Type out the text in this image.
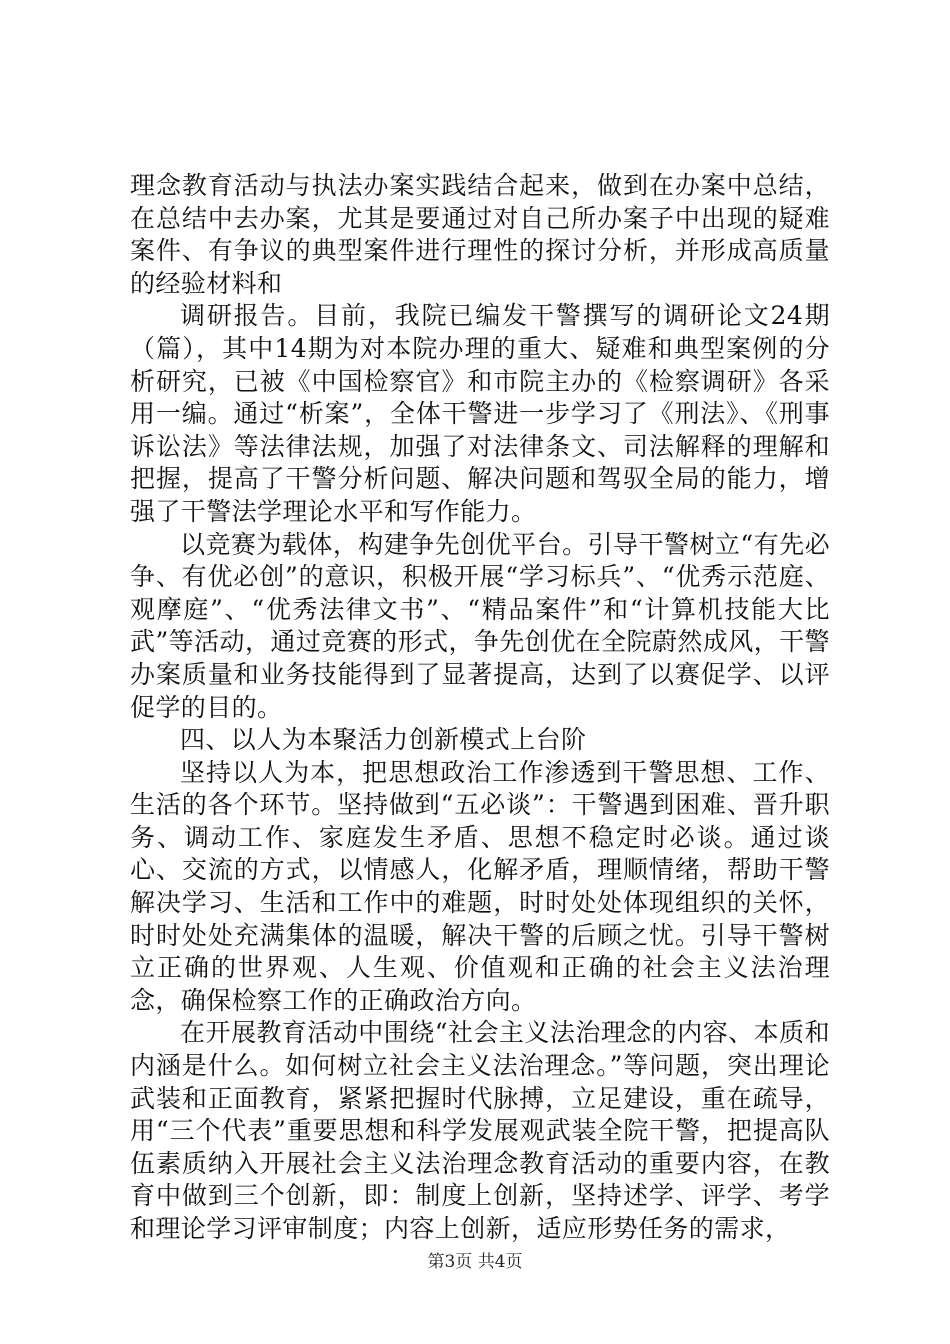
理念教育活动与执法办案实践结合起来，做到在办案中总结，在总结中去办案，尤其是要通过对自己所办案子中出现的疑难案件、有争议的典型案件进行理性的探讨分析，并形成高质量的经验材料和

调研报告。目前，我院已编发干警撰写的调研论文24期（篇），其中14期为对本院办理的重大、疑难和典型案例的分析研究，已被《中国检察官》和市院主办的《检察调研》各采用一编。通过“析案”，全体干警进一步学习了《刑法》、《刑事诉讼法》等法律法规，加强了对法律条文、司法解释的理解和把握，提高了干警分析问题、解决问题和驾驭全局的能力，增强了干警法学理论水平和写作能力。

以竞赛为载体，构建争先创优平台。引导干警树立“有先必争、有优必创”的意识，积极开展“学习标兵”、“优秀示范庭、观摩庭”、“优秀法律文书”、“精品案件”和“计算机技能大比武”等活动，通过竞赛的形式，争先创优在全院蔚然成风，干警办案质量和业务技能得到了显著提高，达到了以赛促学、以评促学的目的。

四、以人为本聚活力创新模式上台阶

坚持以人为本，把思想政治工作渗透到干警思想、工作、生活的各个环节。坚持做到“五必谈”：干警遇到困难、晋升职务、调动工作、家庭发生矛盾、思想不稳定时必谈。通过谈心、交流的方式，以情感人，化解矛盾，理顺情绪，帮助干警解决学习、生活和工作中的难题，时时处处体现组织的关怀，时时处处充满集体的温暖，解决干警的后顾之忧。引导干警树立正确的世界观、人生观、价值观和正确的社会主义法治理念，确保检察工作的正确政治方向。

在开展教育活动中围绕“社会主义法治理念的内容、本质和内涵是什么。如何树立社会主义法治理念。”等问题，突出理论武装和正面教育，紧紧把握时代脉搏，立足建设，重在疏导，用“三个代表”重要思想和科学发展观武装全院干警，把提高队伍素质纳入开展社会主义法治理念教育活动的重要内容，在教育中做到三个创新，即：制度上创新，坚持述学、评学、考学和理论学习评审制度；内容上创新，适应形势任务的需求，

第3页 共4页
